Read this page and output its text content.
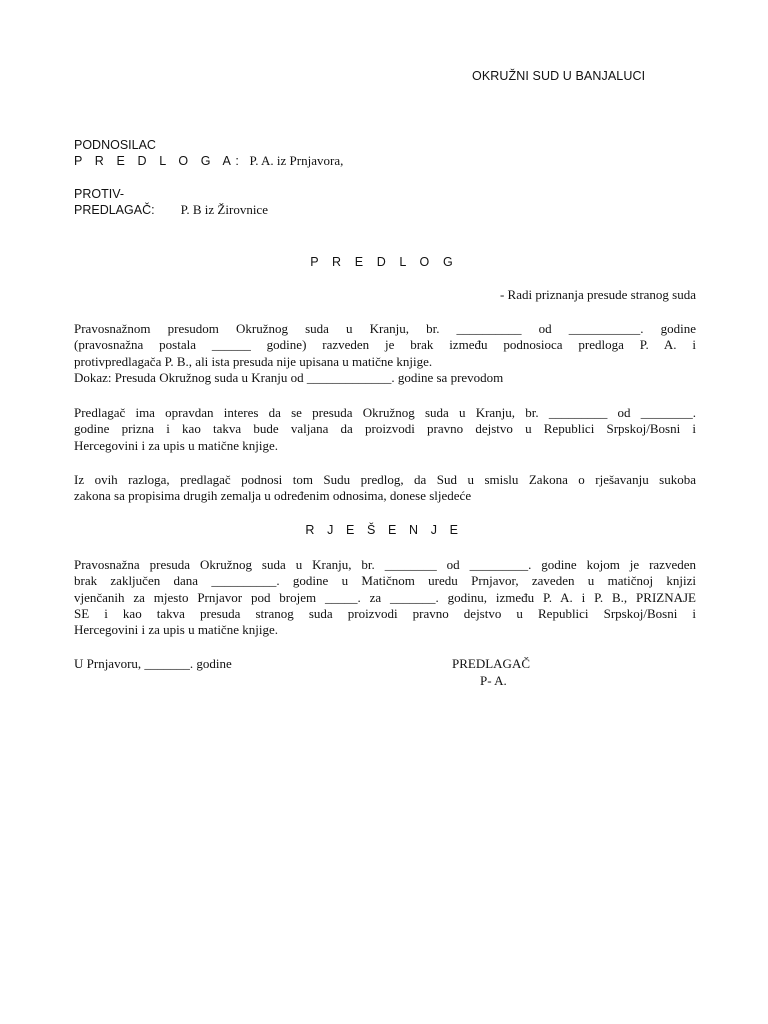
OKRUŽNI SUD U BANJALUCI
PODNOSILAC
P R E D L O G A: P. A. iz Prnjavora,
PROTIV-
PREDLAGAČ: P. B iz Žirovnice
P R E D L O G
- Radi priznanja presude stranog suda
Pravosnažnom presudom Okružnog suda u Kranju, br. __________ od ___________. godine
(pravosnažna postala ______ godine) razveden je brak između podnosioca predloga P. A. i
protivpredlagača P. B., ali ista presuda nije upisana u matične knjige.
Dokaz: Presuda Okružnog suda u Kranju od _____________. godine sa prevodom
Predlagač ima opravdan interes da se presuda Okružnog suda u Kranju, br. _________ od ________.
godine prizna i kao takva bude valjana da proizvodi pravno dejstvo u Republici Srpskoj/Bosni i
Hercegovini i za upis u matične knjige.
Iz ovih razloga, predlagač podnosi tom Sudu predlog, da Sud u smislu Zakona o rješavanju sukoba
zakona sa propisima drugih zemalja u određenim odnosima, donese sljedeće
R J E Š E N J E
Pravosnažna presuda Okružnog suda u Kranju, br. ________ od _________. godine kojom je razveden
brak zaključen dana __________. godine u Matičnom uredu Prnjavor, zaveden u matičnoj knjizi
vjenčanih za mjesto Prnjavor pod brojem _____. za _______. godinu, između P. A. i P. B., PRIZNAJE
SE i kao takva presuda stranog suda proizvodi pravno dejstvo u Republici Srpskoj/Bosni i
Hercegovini i za upis u matične knjige.
U Prnjavoru, _______. godine	PREDLAGAČ
P- A.
